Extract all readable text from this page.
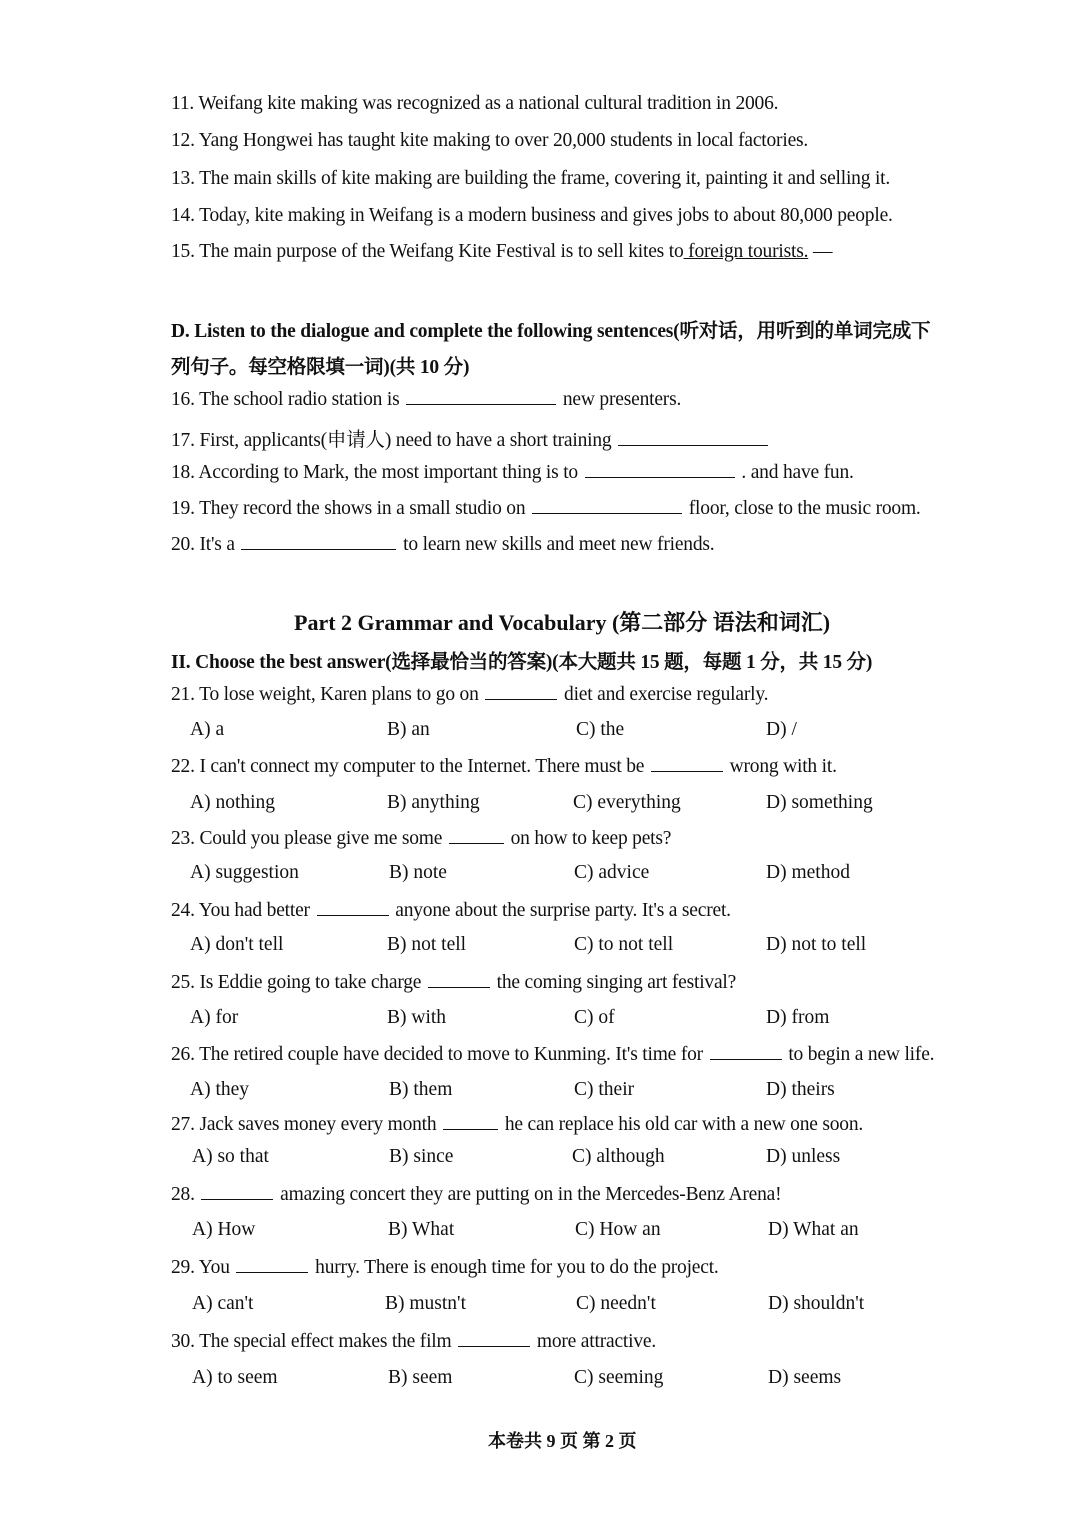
11. Weifang kite making was recognized as a national cultural tradition in 2006.
12. Yang Hongwei has taught kite making to over 20,000 students in local factories.
13. The main skills of kite making are building the frame, covering it, painting it and selling it.
14. Today, kite making in Weifang is a modern business and gives jobs to about 80,000 people.
15. The main purpose of the Weifang Kite Festival is to sell kites to foreign tourists. —
D. Listen to the dialogue and complete the following sentences(听对话，用听到的单词完成下
列句子。每空格限填一词)(共 10 分)
16. The school radio station is	new presenters.
17. First, applicants(申请人) need to have a short training
18. According to Mark, the most important thing is to	. and have fun.
19. They record the shows in a small studio on	floor, close to the music room.
20. It's a	to learn new skills and meet new friends.
Part 2 Grammar and Vocabulary (第二部分 语法和词汇)
II. Choose the best answer(选择最恰当的答案)(本大题共 15 题，每题 1 分，共 15 分)
21. To lose weight, Karen plans to go on	diet and exercise regularly.
A) a	B) an	C) the	D) /
22. I can't connect my computer to the Internet. There must be	wrong with it.
A) nothing	B) anything	C) everything	D) something
23. Could you please give me some	on how to keep pets?
A) suggestion	B) note	C) advice	D) method
24. You had better	anyone about the surprise party. It's a secret.
A) don't tell	B) not tell	C) to not tell	D) not to tell
25. Is Eddie going to take charge	the coming singing art festival?
A) for	B) with	C) of	D) from
26. The retired couple have decided to move to Kunming. It's time for	to begin a new life.
A) they	B) them	C) their	D) theirs
27. Jack saves money every month	he can replace his old car with a new one soon.
A) so that	B) since	C) although	D) unless
28.	amazing concert they are putting on in the Mercedes-Benz Arena!
A) How	B) What	C) How an	D) What an
29. You	hurry. There is enough time for you to do the project.
A) can't	B) mustn't	C) needn't	D) shouldn't
30. The special effect makes the film	more attractive.
A) to seem	B) seem	C) seeming	D) seems
本卷共 9 页 第 2 页
